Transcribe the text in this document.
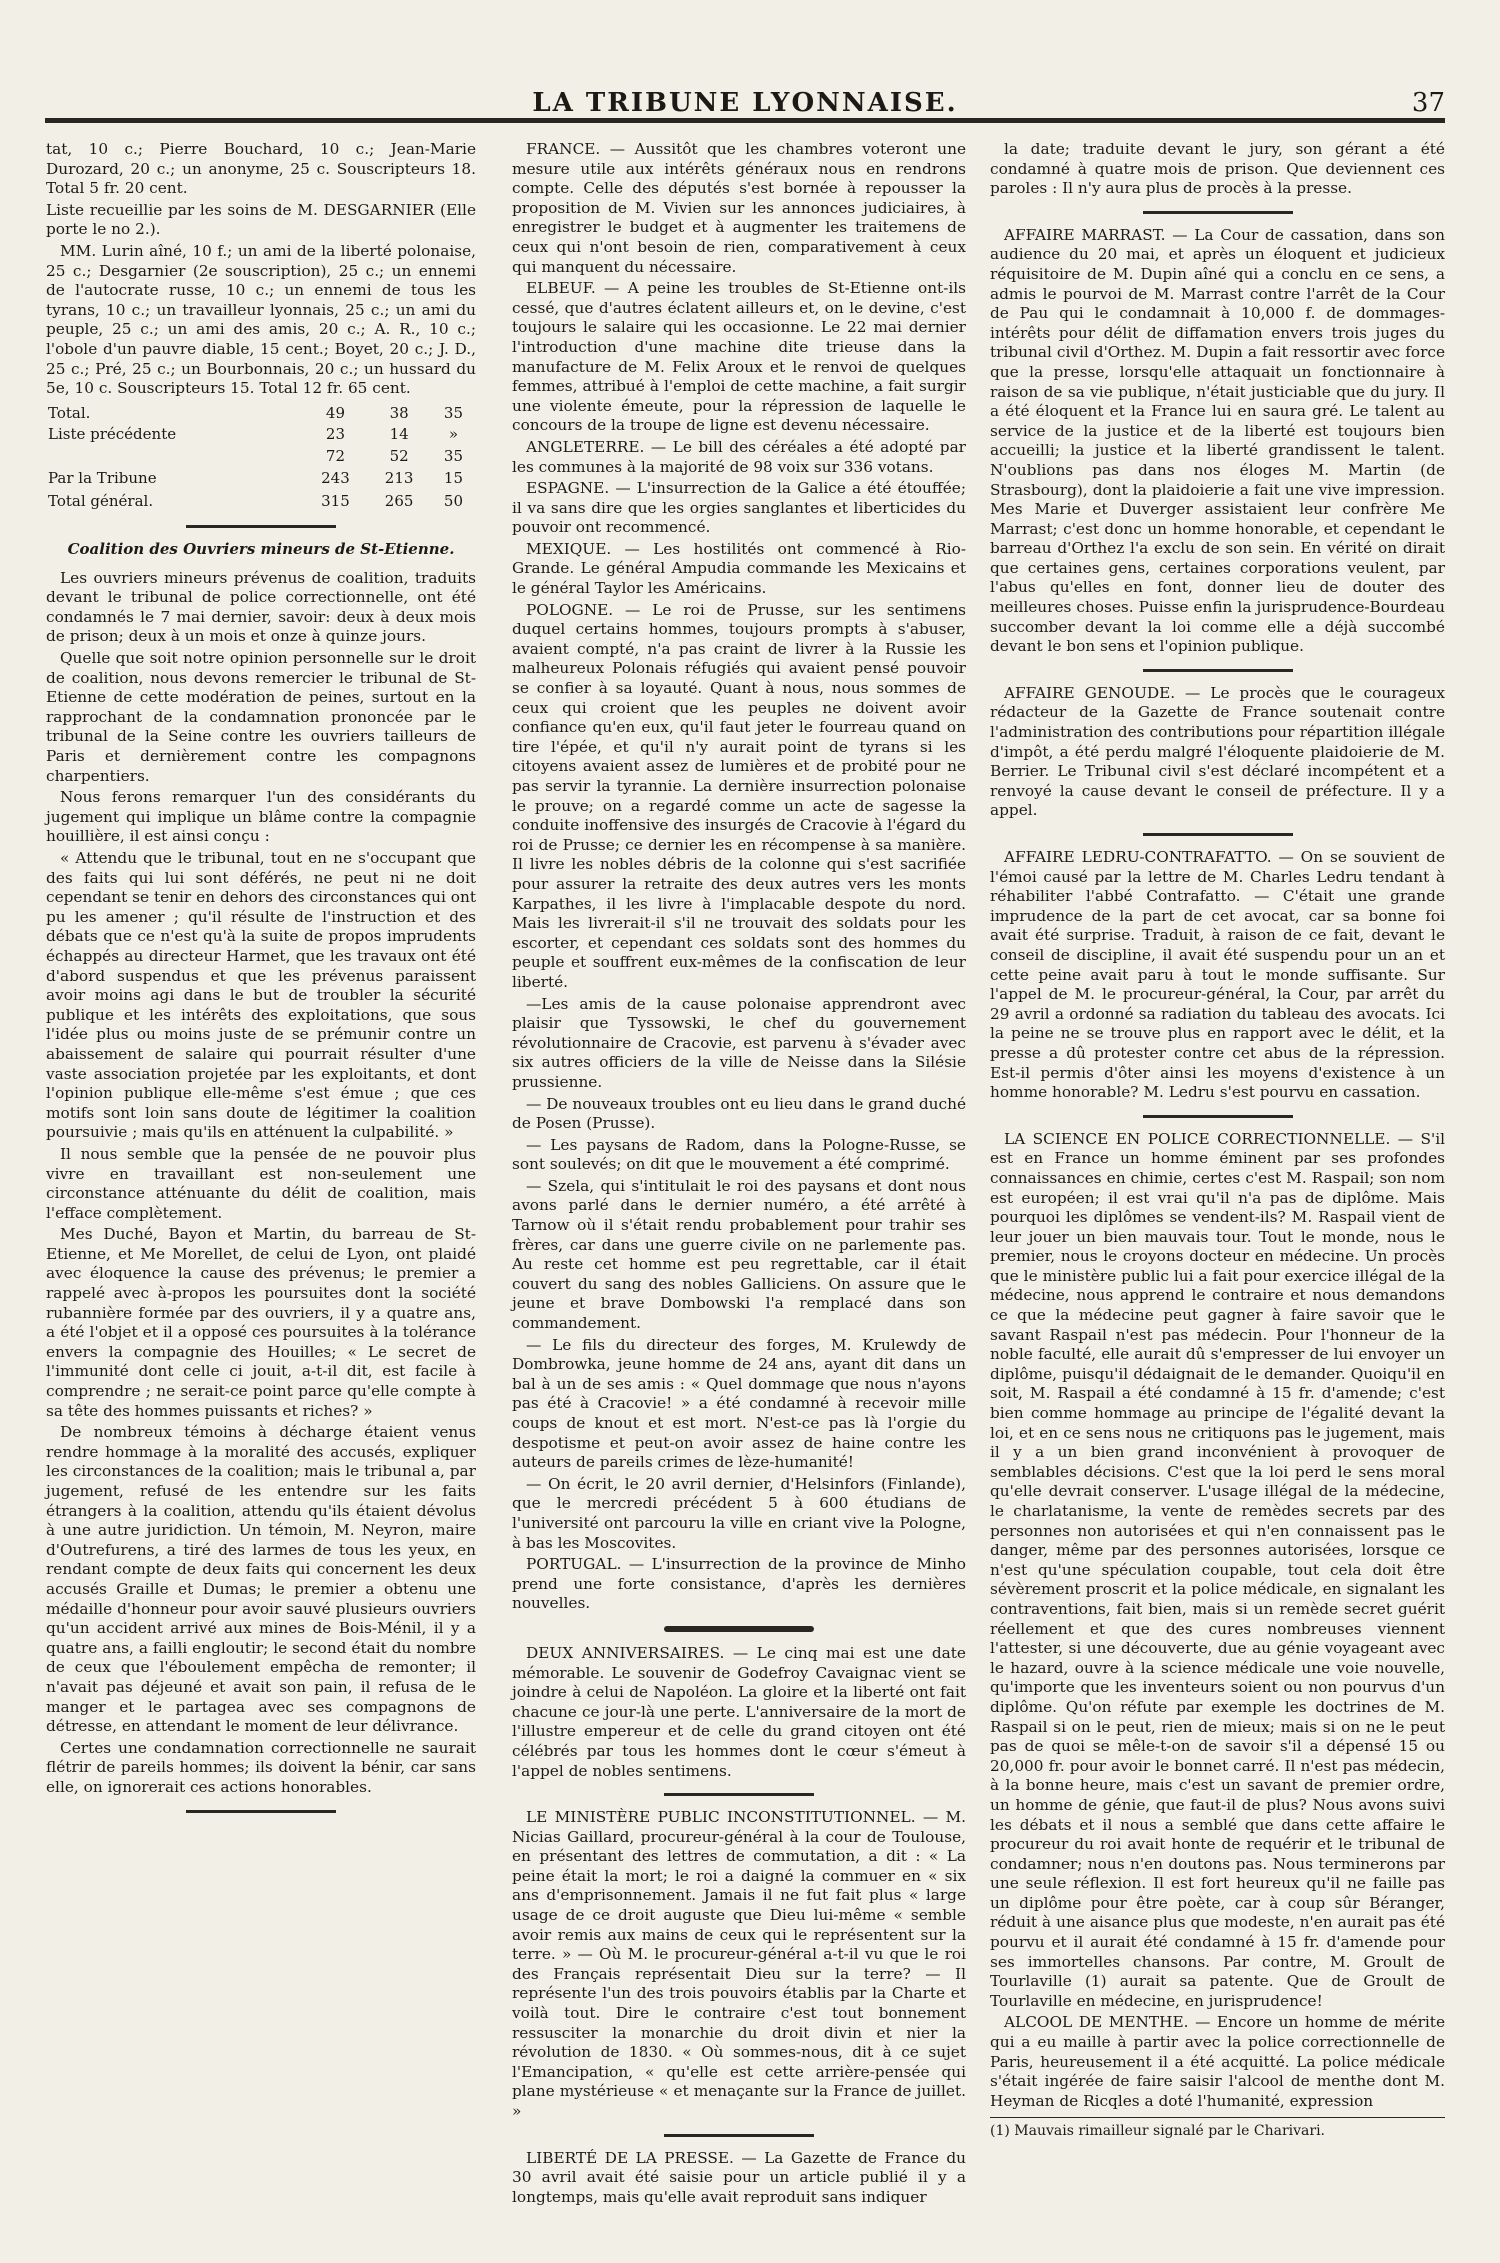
LA TRIBUNE LYONNAISE.	37

tat, 10 c.; Pierre Bouchard, 10 c.; Jean-Marie Durozard, 20 c.; un anonyme, 25 c. Souscripteurs 18. Total 5 fr. 20 cent.

Liste recueillie par les soins de M. DESGARNIER (Elle porte le no 2.).

MM. Lurin aîné, 10 f.; un ami de la liberté polonaise, 25 c.; Desgarnier (2e souscription), 25 c.; un ennemi de l'autocrate russe, 10 c.; un ennemi de tous les tyrans, 10 c.; un travailleur lyonnais, 25 c.; un ami du peuple, 25 c.; un ami des amis, 20 c.; A. R., 10 c.; l'obole d'un pauvre diable, 15 cent.; Boyet, 20 c.; J. D., 25 c.; Pré, 25 c.; un Bourbonnais, 20 c.; un hussard du 5e, 10 c. Souscripteurs 15. Total 12 fr. 65 cent.

Total.	49	38	35
Liste précédente	23	14	»
	72	52	35
Par la Tribune	243	213	15

Total général.	315	265	50
Coalition des Ouvriers mineurs de St-Etienne.

Les ouvriers mineurs prévenus de coalition, traduits devant le tribunal de police correctionnelle, ont été condamnés le 7 mai dernier, savoir: deux à deux mois de prison; deux à un mois et onze à quinze jours.

Quelle que soit notre opinion personnelle sur le droit de coalition, nous devons remercier le tribunal de St-Etienne de cette modération de peines, surtout en la rapprochant de la condamnation prononcée par le tribunal de la Seine contre les ouvriers tailleurs de Paris et dernièrement contre les compagnons charpentiers.

Nous ferons remarquer l'un des considérants du jugement qui implique un blâme contre la compagnie houillière, il est ainsi conçu :

« Attendu que le tribunal, tout en ne s'occupant que des faits qui lui sont déférés, ne peut ni ne doit cependant se tenir en dehors des circonstances qui ont pu les amener ; qu'il résulte de l'instruction et des débats que ce n'est qu'à la suite de propos imprudents échappés au directeur Harmet, que les travaux ont été d'abord suspendus et que les prévenus paraissent avoir moins agi dans le but de troubler la sécurité publique et les intérêts des exploitations, que sous l'idée plus ou moins juste de se prémunir contre un abaissement de salaire qui pourrait résulter d'une vaste association projetée par les exploitants, et dont l'opinion publique elle-même s'est émue ; que ces motifs sont loin sans doute de légitimer la coalition poursuivie ; mais qu'ils en atténuent la culpabilité. »

Il nous semble que la pensée de ne pouvoir plus vivre en travaillant est non-seulement une circonstance atténuante du délit de coalition, mais l'efface complètement.

Mes Duché, Bayon et Martin, du barreau de St-Etienne, et Me Morellet, de celui de Lyon, ont plaidé avec éloquence la cause des prévenus; le premier a rappelé avec à-propos les poursuites dont la société rubannière formée par des ouvriers, il y a quatre ans, a été l'objet et il a opposé ces poursuites à la tolérance envers la compagnie des Houilles; « Le secret de l'immunité dont celle ci jouit, a-t-il dit, est facile à comprendre ; ne serait-ce point parce qu'elle compte à sa tête des hommes puissants et riches? »

De nombreux témoins à décharge étaient venus rendre hommage à la moralité des accusés, expliquer les circonstances de la coalition; mais le tribunal a, par jugement, refusé de les entendre sur les faits étrangers à la coalition, attendu qu'ils étaient dévolus à une autre juridiction. Un témoin, M. Neyron, maire d'Outrefurens, a tiré des larmes de tous les yeux, en rendant compte de deux faits qui concernent les deux accusés Graille et Dumas; le premier a obtenu une médaille d'honneur pour avoir sauvé plusieurs ouvriers qu'un accident arrivé aux mines de Bois-Ménil, il y a quatre ans, a failli engloutir; le second était du nombre de ceux que l'éboulement empêcha de remonter; il n'avait pas déjeuné et avait son pain, il refusa de le manger et le partagea avec ses compagnons de détresse, en attendant le moment de leur délivrance.

Certes une condamnation correctionnelle ne saurait flétrir de pareils hommes; ils doivent la bénir, car sans elle, on ignorerait ces actions honorables.

FRANCE. — Aussitôt que les chambres voteront une mesure utile aux intérêts généraux nous en rendrons compte. Celle des députés s'est bornée à repousser la proposition de M. Vivien sur les annonces judiciaires, à enregistrer le budget et à augmenter les traitemens de ceux qui n'ont besoin de rien, comparativement à ceux qui manquent du nécessaire.

ELBEUF. — A peine les troubles de St-Etienne ont-ils cessé, que d'autres éclatent ailleurs et, on le devine, c'est toujours le salaire qui les occasionne. Le 22 mai dernier l'introduction d'une machine dite trieuse dans la manufacture de M. Felix Aroux et le renvoi de quelques femmes, attribué à l'emploi de cette machine, a fait surgir une violente émeute, pour la répression de laquelle le concours de la troupe de ligne est devenu nécessaire.

ANGLETERRE. — Le bill des céréales a été adopté par les communes à la majorité de 98 voix sur 336 votans.

ESPAGNE. — L'insurrection de la Galice a été étouffée; il va sans dire que les orgies sanglantes et liberticides du pouvoir ont recommencé.

MEXIQUE. — Les hostilités ont commencé à Rio-Grande. Le général Ampudia commande les Mexicains et le général Taylor les Américains.

POLOGNE. — Le roi de Prusse, sur les sentimens duquel certains hommes, toujours prompts à s'abuser, avaient compté, n'a pas craint de livrer à la Russie les malheureux Polonais réfugiés qui avaient pensé pouvoir se confier à sa loyauté. Quant à nous, nous sommes de ceux qui croient que les peuples ne doivent avoir confiance qu'en eux, qu'il faut jeter le fourreau quand on tire l'épée, et qu'il n'y aurait point de tyrans si les citoyens avaient assez de lumières et de probité pour ne pas servir la tyrannie. La dernière insurrection polonaise le prouve; on a regardé comme un acte de sagesse la conduite inoffensive des insurgés de Cracovie à l'égard du roi de Prusse; ce dernier les en récompense à sa manière. Il livre les nobles débris de la colonne qui s'est sacrifiée pour assurer la retraite des deux autres vers les monts Karpathes, il les livre à l'implacable despote du nord. Mais les livrerait-il s'il ne trouvait des soldats pour les escorter, et cependant ces soldats sont des hommes du peuple et souffrent eux-mêmes de la confiscation de leur liberté.

—Les amis de la cause polonaise apprendront avec plaisir que Tyssowski, le chef du gouvernement révolutionnaire de Cracovie, est parvenu à s'évader avec six autres officiers de la ville de Neisse dans la Silésie prussienne.

— De nouveaux troubles ont eu lieu dans le grand duché de Posen (Prusse).

— Les paysans de Radom, dans la Pologne-Russe, se sont soulevés; on dit que le mouvement a été comprimé.

— Szela, qui s'intitulait le roi des paysans et dont nous avons parlé dans le dernier numéro, a été arrêté à Tarnow où il s'était rendu probablement pour trahir ses frères, car dans une guerre civile on ne parlemente pas. Au reste cet homme est peu regrettable, car il était couvert du sang des nobles Galliciens. On assure que le jeune et brave Dombowski l'a remplacé dans son commandement.

— Le fils du directeur des forges, M. Krulewdy de Dombrowka, jeune homme de 24 ans, ayant dit dans un bal à un de ses amis : « Quel dommage que nous n'ayons pas été à Cracovie! » a été condamné à recevoir mille coups de knout et est mort. N'est-ce pas là l'orgie du despotisme et peut-on avoir assez de haine contre les auteurs de pareils crimes de lèze-humanité!

— On écrit, le 20 avril dernier, d'Helsinfors (Finlande), que le mercredi précédent 5 à 600 étudians de l'université ont parcouru la ville en criant vive la Pologne, à bas les Moscovites.

PORTUGAL. — L'insurrection de la province de Minho prend une forte consistance, d'après les dernières nouvelles.

DEUX ANNIVERSAIRES. — Le cinq mai est une date mémorable. Le souvenir de Godefroy Cavaignac vient se joindre à celui de Napoléon. La gloire et la liberté ont fait chacune ce jour-là une perte. L'anniversaire de la mort de l'illustre empereur et de celle du grand citoyen ont été célébrés par tous les hommes dont le cœur s'émeut à l'appel de nobles sentimens.

LE MINISTÈRE PUBLIC INCONSTITUTIONNEL. — M. Nicias Gaillard, procureur-général à la cour de Toulouse, en présentant des lettres de commutation, a dit : « La peine était la mort; le roi a daigné la commuer en « six ans d'emprisonnement. Jamais il ne fut fait plus « large usage de ce droit auguste que Dieu lui-même « semble avoir remis aux mains de ceux qui le représentent sur la terre. » — Où M. le procureur-général a-t-il vu que le roi des Français représentait Dieu sur la terre? — Il représente l'un des trois pouvoirs établis par la Charte et voilà tout. Dire le contraire c'est tout bonnement ressusciter la monarchie du droit divin et nier la révolution de 1830. « Où sommes-nous, dit à ce sujet l'Emancipation, « qu'elle est cette arrière-pensée qui plane mystérieuse « et menaçante sur la France de juillet. »

LIBERTÉ DE LA PRESSE. — La Gazette de France du 30 avril avait été saisie pour un article publié il y a longtemps, mais qu'elle avait reproduit sans indiquer

la date; traduite devant le jury, son gérant a été condamné à quatre mois de prison. Que deviennent ces paroles : Il n'y aura plus de procès à la presse.

AFFAIRE MARRAST. — La Cour de cassation, dans son audience du 20 mai, et après un éloquent et judicieux réquisitoire de M. Dupin aîné qui a conclu en ce sens, a admis le pourvoi de M. Marrast contre l'arrêt de la Cour de Pau qui le condamnait à 10,000 f. de dommages-intérêts pour délit de diffamation envers trois juges du tribunal civil d'Orthez. M. Dupin a fait ressortir avec force que la presse, lorsqu'elle attaquait un fonctionnaire à raison de sa vie publique, n'était justiciable que du jury. Il a été éloquent et la France lui en saura gré. Le talent au service de la justice et de la liberté est toujours bien accueilli; la justice et la liberté grandissent le talent. N'oublions pas dans nos éloges M. Martin (de Strasbourg), dont la plaidoierie a fait une vive impression. Mes Marie et Duverger assistaient leur confrère Me Marrast; c'est donc un homme honorable, et cependant le barreau d'Orthez l'a exclu de son sein. En vérité on dirait que certaines gens, certaines corporations veulent, par l'abus qu'elles en font, donner lieu de douter des meilleures choses. Puisse enfin la jurisprudence-Bourdeau succomber devant la loi comme elle a déjà succombé devant le bon sens et l'opinion publique.

AFFAIRE GENOUDE. — Le procès que le courageux rédacteur de la Gazette de France soutenait contre l'administration des contributions pour répartition illégale d'impôt, a été perdu malgré l'éloquente plaidoierie de M. Berrier. Le Tribunal civil s'est déclaré incompétent et a renvoyé la cause devant le conseil de préfecture. Il y a appel.

AFFAIRE LEDRU-CONTRAFATTO. — On se souvient de l'émoi causé par la lettre de M. Charles Ledru tendant à réhabiliter l'abbé Contrafatto. — C'était une grande imprudence de la part de cet avocat, car sa bonne foi avait été surprise. Traduit, à raison de ce fait, devant le conseil de discipline, il avait été suspendu pour un an et cette peine avait paru à tout le monde suffisante. Sur l'appel de M. le procureur-général, la Cour, par arrêt du 29 avril a ordonné sa radiation du tableau des avocats. Ici la peine ne se trouve plus en rapport avec le délit, et la presse a dû protester contre cet abus de la répression. Est-il permis d'ôter ainsi les moyens d'existence à un homme honorable? M. Ledru s'est pourvu en cassation.

LA SCIENCE EN POLICE CORRECTIONNELLE. — S'il est en France un homme éminent par ses profondes connaissances en chimie, certes c'est M. Raspail; son nom est européen; il est vrai qu'il n'a pas de diplôme. Mais pourquoi les diplômes se vendent-ils? M. Raspail vient de leur jouer un bien mauvais tour. Tout le monde, nous le premier, nous le croyons docteur en médecine. Un procès que le ministère public lui a fait pour exercice illégal de la médecine, nous apprend le contraire et nous demandons ce que la médecine peut gagner à faire savoir que le savant Raspail n'est pas médecin. Pour l'honneur de la noble faculté, elle aurait dû s'empresser de lui envoyer un diplôme, puisqu'il dédaignait de le demander. Quoiqu'il en soit, M. Raspail a été condamné à 15 fr. d'amende; c'est bien comme hommage au principe de l'égalité devant la loi, et en ce sens nous ne critiquons pas le jugement, mais il y a un bien grand inconvénient à provoquer de semblables décisions. C'est que la loi perd le sens moral qu'elle devrait conserver. L'usage illégal de la médecine, le charlatanisme, la vente de remèdes secrets par des personnes non autorisées et qui n'en connaissent pas le danger, même par des personnes autorisées, lorsque ce n'est qu'une spéculation coupable, tout cela doit être sévèrement proscrit et la police médicale, en signalant les contraventions, fait bien, mais si un remède secret guérit réellement et que des cures nombreuses viennent l'attester, si une découverte, due au génie voyageant avec le hazard, ouvre à la science médicale une voie nouvelle, qu'importe que les inventeurs soient ou non pourvus d'un diplôme. Qu'on réfute par exemple les doctrines de M. Raspail si on le peut, rien de mieux; mais si on ne le peut pas de quoi se mêle-t-on de savoir s'il a dépensé 15 ou 20,000 fr. pour avoir le bonnet carré. Il n'est pas médecin, à la bonne heure, mais c'est un savant de premier ordre, un homme de génie, que faut-il de plus? Nous avons suivi les débats et il nous a semblé que dans cette affaire le procureur du roi avait honte de requérir et le tribunal de condamner; nous n'en doutons pas. Nous terminerons par une seule réflexion. Il est fort heureux qu'il ne faille pas un diplôme pour être poète, car à coup sûr Béranger, réduit à une aisance plus que modeste, n'en aurait pas été pourvu et il aurait été condamné à 15 fr. d'amende pour ses immortelles chansons. Par contre, M. Groult de Tourlaville (1) aurait sa patente. Que de Groult de Tourlaville en médecine, en jurisprudence!

ALCOOL DE MENTHE. — Encore un homme de mérite qui a eu maille à partir avec la police correctionnelle de Paris, heureusement il a été acquitté. La police médicale s'était ingérée de faire saisir l'alcool de menthe dont M. Heyman de Ricqles a doté l'humanité, expression

(1) Mauvais rimailleur signalé par le Charivari.
